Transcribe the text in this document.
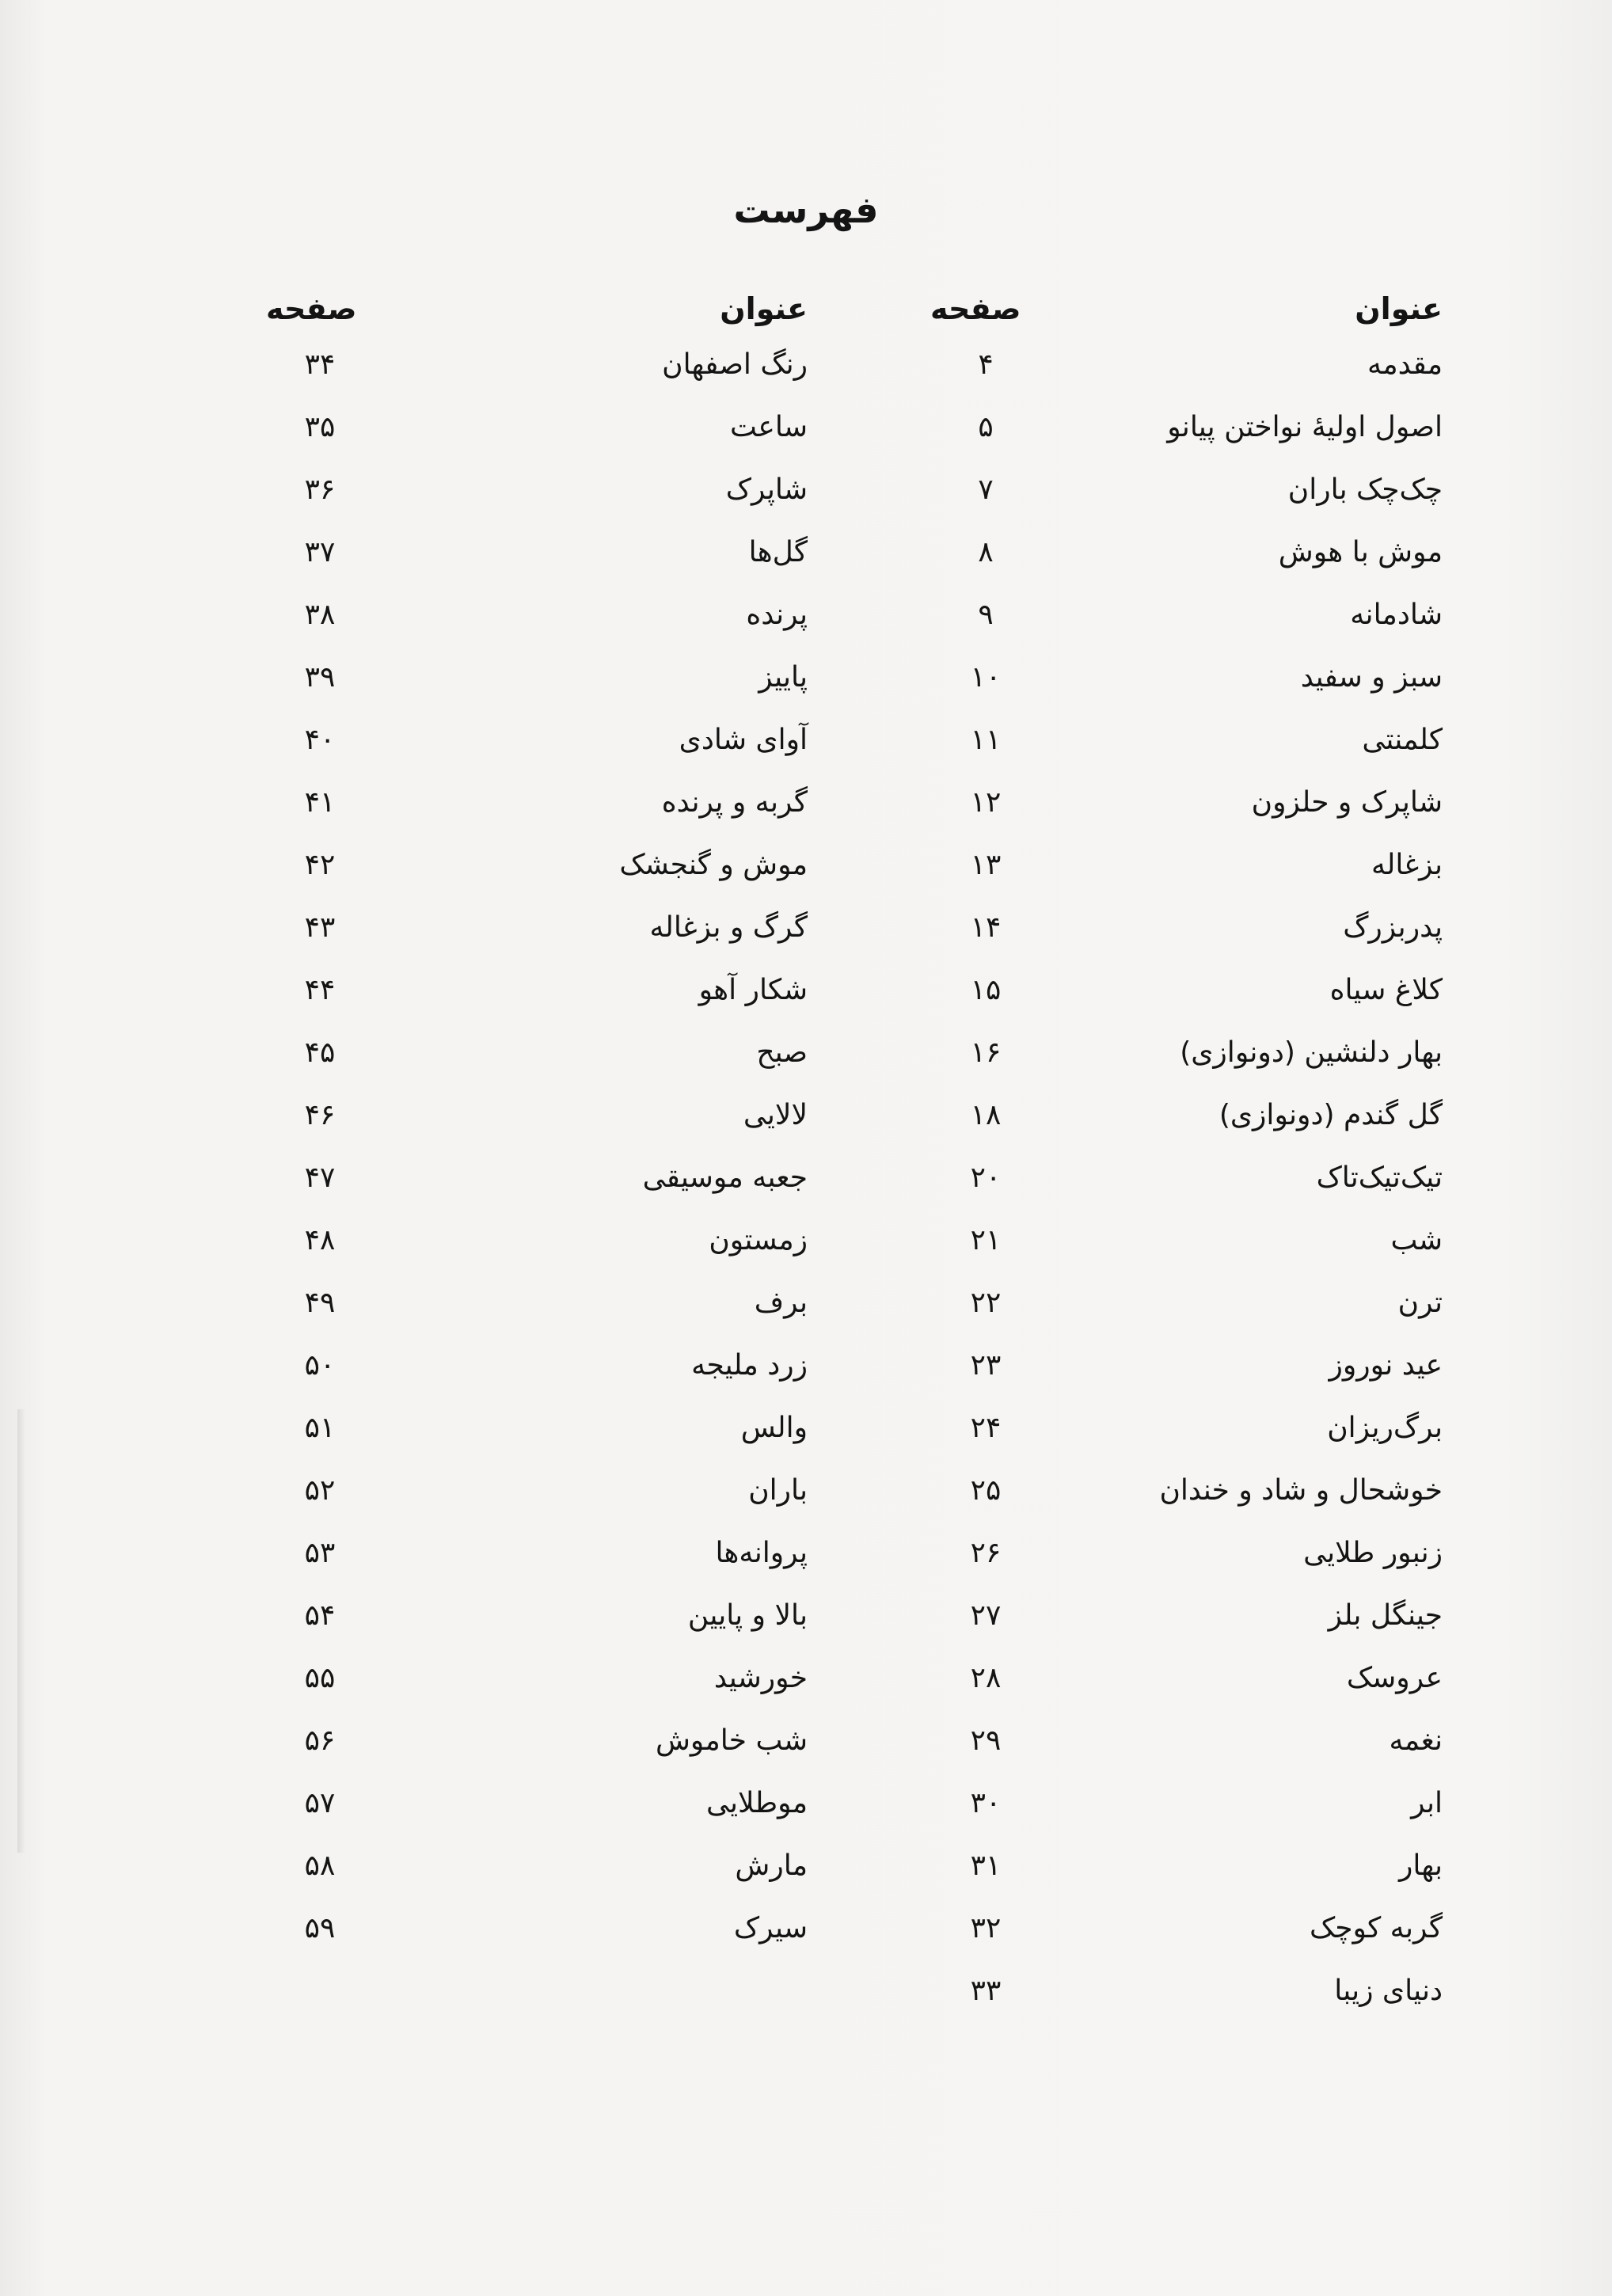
فهرست
عنوان
صفحه
عنوان
صفحه
مقدمه
۴
اصول اولیهٔ نواختن پیانو
۵
چک‌چک باران
۷
موش با هوش
۸
شادمانه
۹
سبز و سفید
۱۰
کلمنتی
۱۱
شاپرک و حلزون
۱۲
بزغاله
۱۳
پدربزرگ
۱۴
کلاغ سیاه
۱۵
بهار دلنشین (دونوازی)
۱۶
گل گندم (دونوازی)
۱۸
تیک‌تیک‌تاک
۲۰
شب
۲۱
ترن
۲۲
عید نوروز
۲۳
برگ‌ریزان
۲۴
خوشحال و شاد و خندان
۲۵
زنبور طلایی
۲۶
جینگل بلز
۲۷
عروسک
۲۸
نغمه
۲۹
ابر
۳۰
بهار
۳۱
گربه کوچک
۳۲
دنیای زیبا
۳۳
رنگ اصفهان
۳۴
ساعت
۳۵
شاپرک
۳۶
گل‌ها
۳۷
پرنده
۳۸
پاییز
۳۹
آوای شادی
۴۰
گربه و پرنده
۴۱
موش و گنجشک
۴۲
گرگ و بزغاله
۴۳
شکار آهو
۴۴
صبح
۴۵
لالایی
۴۶
جعبه موسیقی
۴۷
زمستون
۴۸
برف
۴۹
زرد ملیجه
۵۰
والس
۵۱
باران
۵۲
پروانه‌ها
۵۳
بالا و پایین
۵۴
خورشید
۵۵
شب خاموش
۵۶
موطلایی
۵۷
مارش
۵۸
سیرک
۵۹
